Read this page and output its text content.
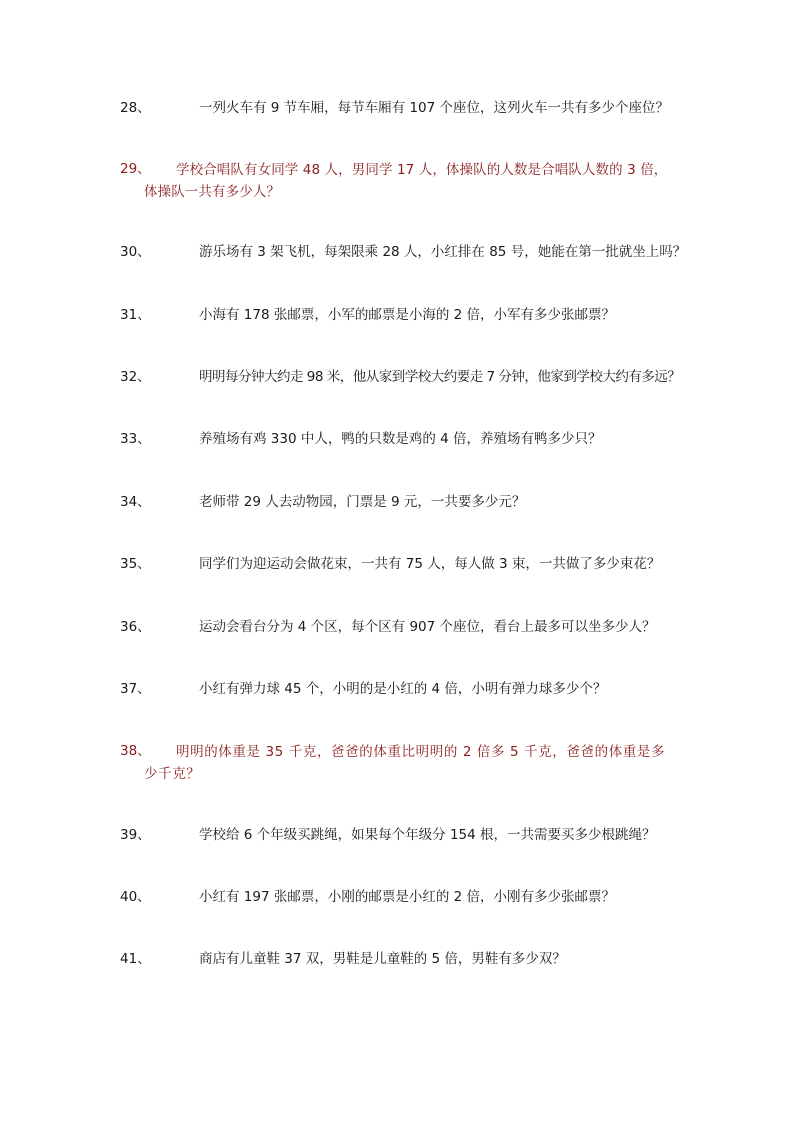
28、	一列火车有 9 节车厢，每节车厢有 107 个座位，这列火车一共有多少个座位？
29、	学校合唱队有女同学 48 人，男同学 17 人，体操队的人数是合唱队人数的 3 倍，体操队一共有多少人？
30、	游乐场有 3 架飞机，每架限乘 28 人，小红排在 85 号，她能在第一批就坐上吗？
31、	小海有 178 张邮票，小军的邮票是小海的 2 倍，小军有多少张邮票？
32、	明明每分钟大约走 98 米，他从家到学校大约要走 7 分钟，他家到学校大约有多远？
33、	养殖场有鸡 330 中人，鸭的只数是鸡的 4 倍，养殖场有鸭多少只？
34、	老师带 29 人去动物园，门票是 9 元，一共要多少元？
35、	同学们为迎运动会做花束，一共有 75 人，每人做 3 束，一共做了多少束花？
36、	运动会看台分为 4 个区，每个区有 907 个座位，看台上最多可以坐多少人？
37、	小红有弹力球 45 个，小明的是小红的 4 倍，小明有弹力球多少个？
38、	明明的体重是 35 千克，爸爸的体重比明明的 2 倍多 5 千克，爸爸的体重是多少千克？
39、	学校给 6 个年级买跳绳，如果每个年级分 154 根，一共需要买多少根跳绳？
40、	小红有 197 张邮票，小刚的邮票是小红的 2 倍，小刚有多少张邮票？
41、	商店有儿童鞋 37 双，男鞋是儿童鞋的 5 倍，男鞋有多少双？
